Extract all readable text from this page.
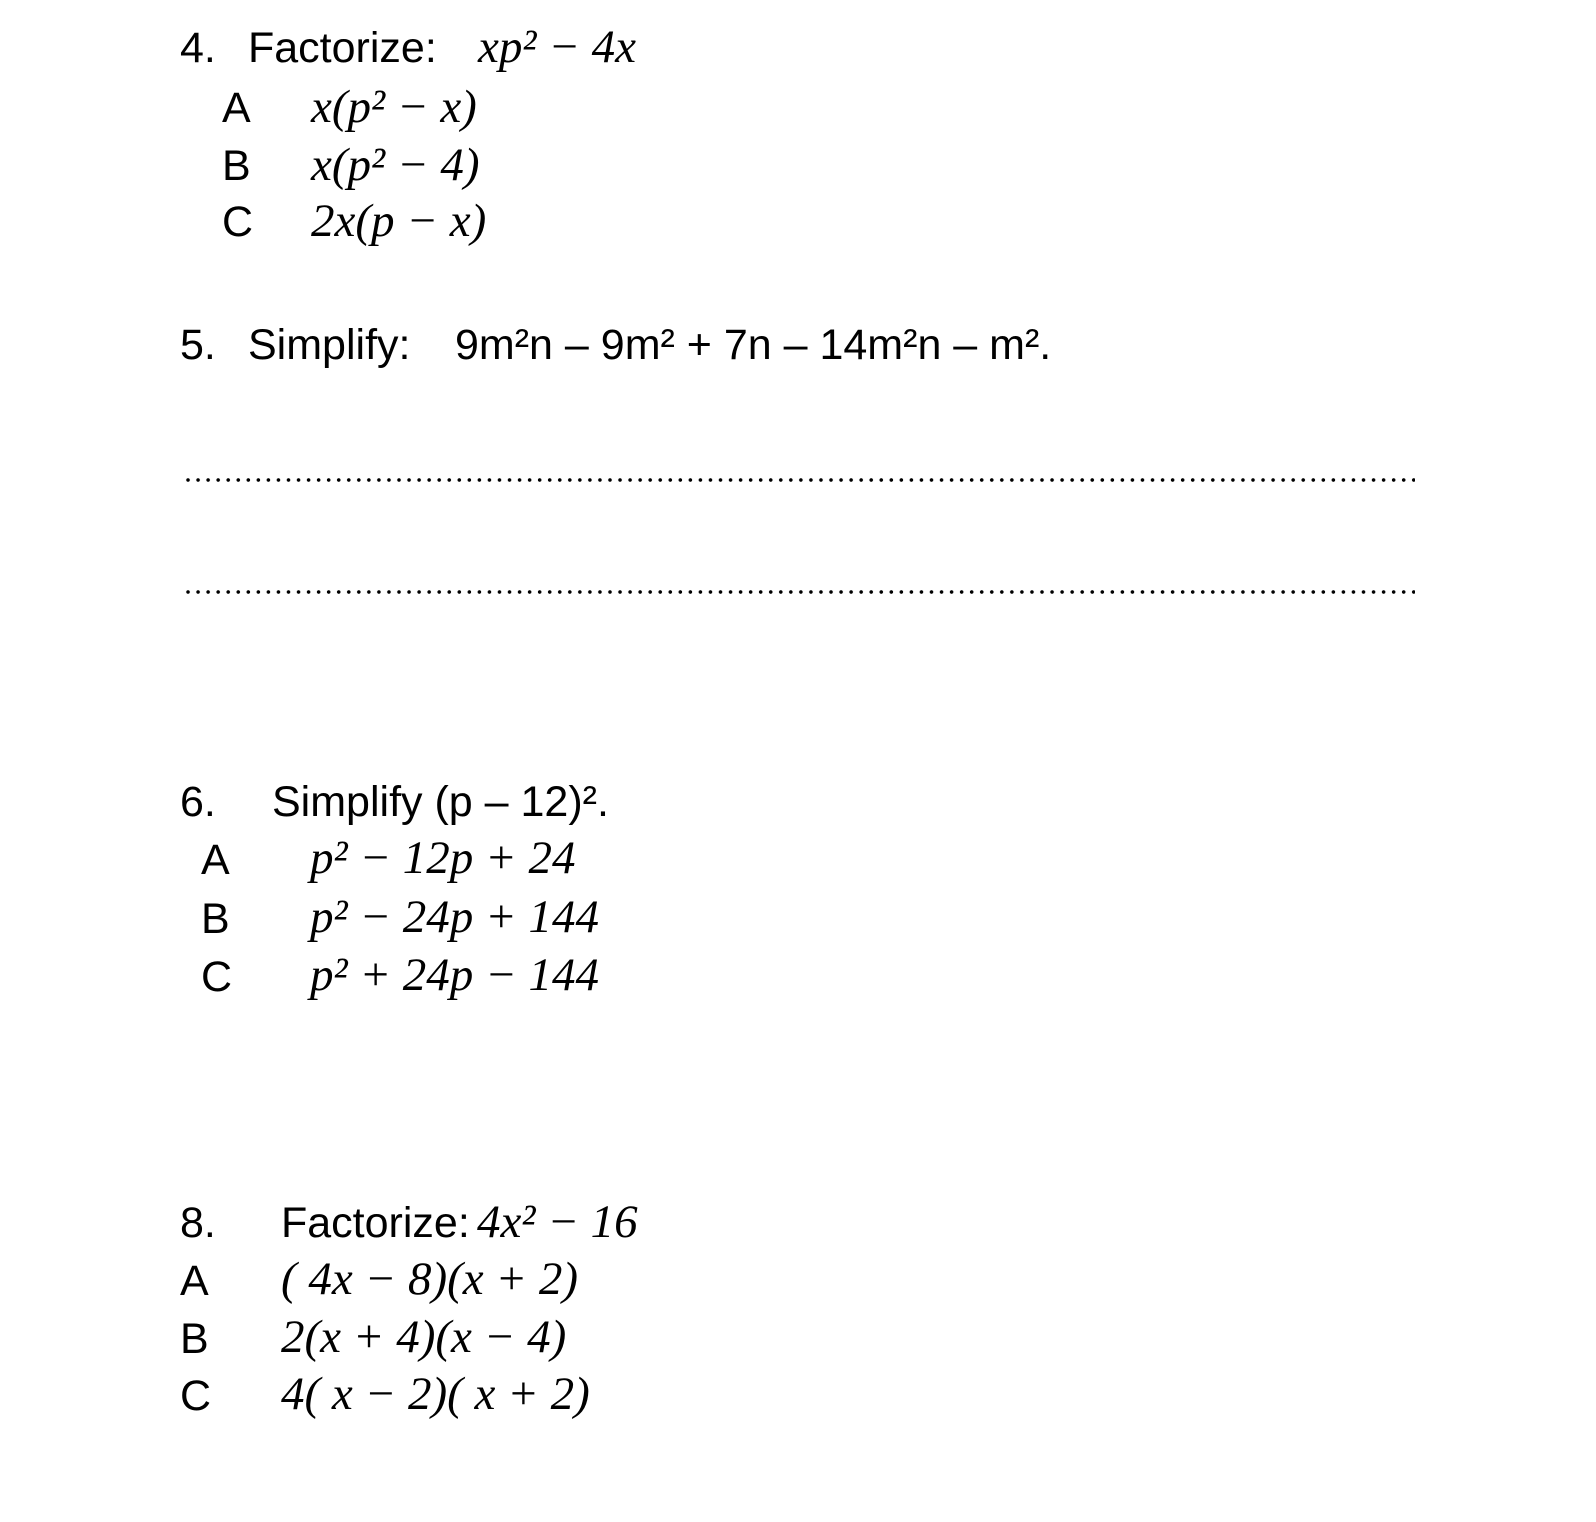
4. Factorize: xp² − 4x
A x(p² − x)
B x(p² − 4)
C 2x(p − x)
5. Simplify: 9m²n – 9m² + 7n – 14m²n – m².
6. Simplify (p – 12)².
A p² − 12p + 24
B p² − 24p + 144
C p² + 24p − 144
8. Factorize: 4x² − 16
A ( 4x − 8)(x + 2)
B 2(x + 4)(x − 4)
C 4( x − 2)( x + 2)
